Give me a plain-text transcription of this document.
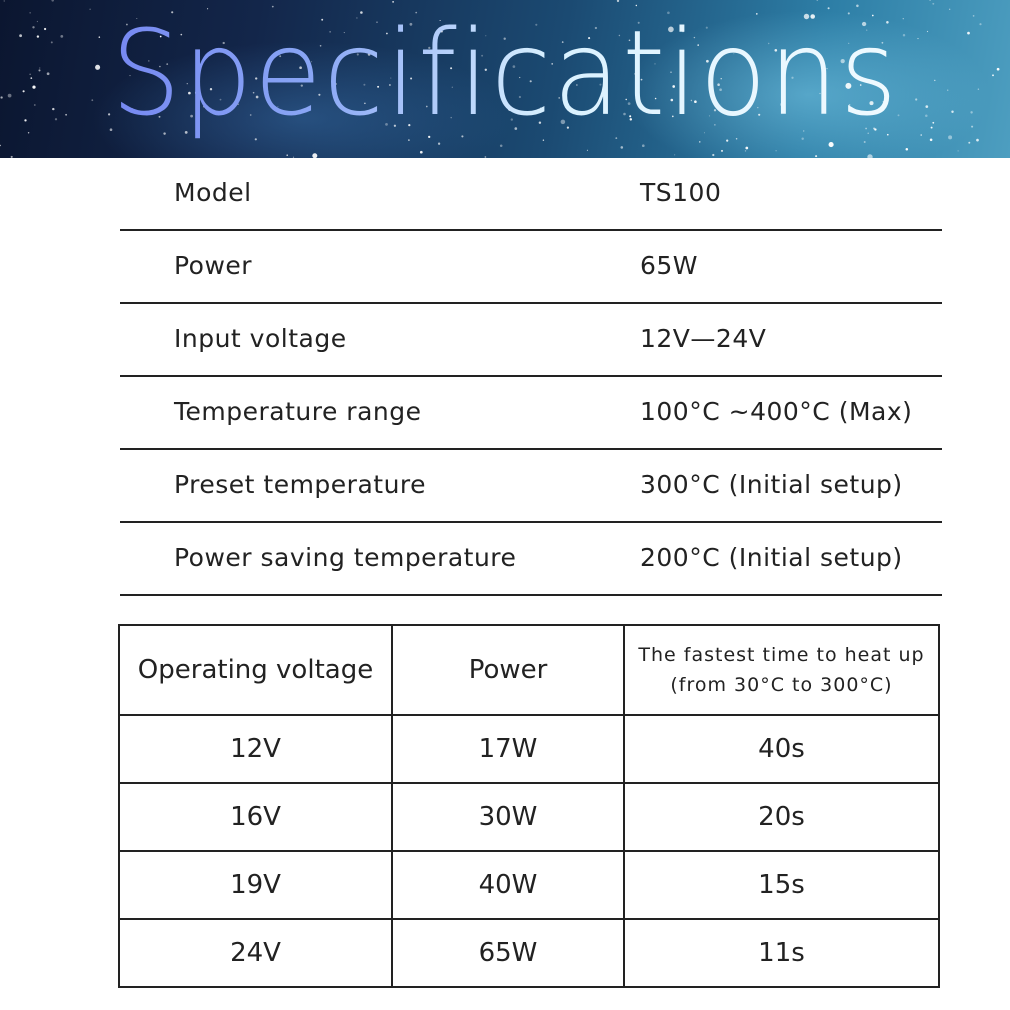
Specifications
Model	TS100
Power	65W
Input voltage	12V—24V
Temperature range	100°C ~400°C (Max)
Preset temperature	300°C (Initial setup)
Power saving temperature	200°C (Initial setup)
Operating voltage	Power	The fastest time to heat up
(from 30°C to 300°C)

12V	17W	40s
16V	30W	20s
19V	40W	15s
24V	65W	11s
